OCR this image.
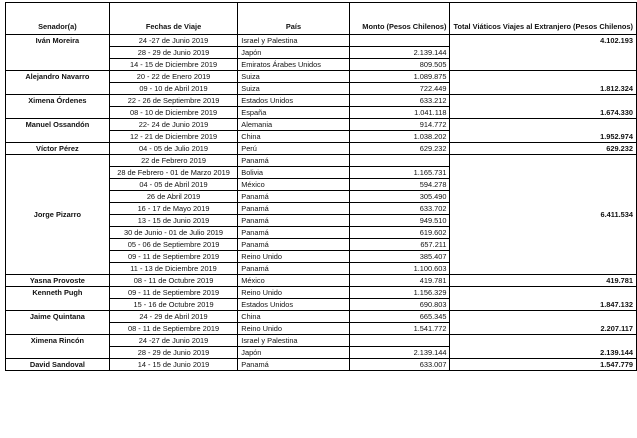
Senador(a)	Fechas de Viaje	País	Monto (Pesos Chilenos)	Total Viáticos Viajes al Extranjero (Pesos Chilenos)
Iván Moreira	24 -27 de Junio 2019	Israel y Palestina		4.102.193
	28 - 29 de Junio 2019	Japón	2.139.144	
	14 - 15 de Diciembre 2019	Emiratos Árabes Unidos	809.505	
Alejandro Navarro	20 - 22 de Enero 2019	Suiza	1.089.875	1.812.324
	09 - 10 de Abril 2019	Suiza	722.449	
Ximena Órdenes	22 - 26 de Septiembre 2019	Estados Unidos	633.212	1.674.330
	08 - 10 de Diciembre 2019	España	1.041.118	
Manuel Ossandón	22- 24 de Junio 2019	Alemania	914.772	1.952.974
	12 - 21 de Diciembre 2019	China	1.038.202	
Víctor Pérez	04 - 05 de Julio 2019	Perú	629.232	629.232
Jorge Pizarro	22 de Febrero 2019	Panamá		6.411.534
	28 de Febrero - 01 de Marzo 2019	Bolivia	1.165.731	
	04 - 05 de Abril 2019	México	594.278	
	26 de Abril 2019	Panamá	305.490	
	16 - 17 de Mayo 2019	Panamá	633.702	
	13 - 15 de Junio 2019	Panamá	949.510	
	30 de Junio - 01 de Julio 2019	Panamá	619.602	
	05 - 06 de Septiembre 2019	Panamá	657.211	
	09 - 11 de Septiembre 2019	Reino Unido	385.407	
	11 - 13 de Diciembre 2019	Panamá	1.100.603	
Yasna Provoste	08 - 11 de Octubre 2019	México	419.781	419.781
Kenneth Pugh	09 - 11 de Septiembre 2019	Reino Unido	1.156.329	1.847.132
	15 - 16 de Octubre 2019	Estados Unidos	690.803	
Jaime Quintana	24 - 29 de Abril 2019	China	665.345	2.207.117
	08 - 11 de Septiembre 2019	Reino Unido	1.541.772	
Ximena Rincón	24 -27 de Junio 2019	Israel y Palestina		2.139.144
	28 - 29 de Junio 2019	Japón	2.139.144	
David Sandoval	14 - 15 de Junio 2019	Panamá	633.007	1.547.779
